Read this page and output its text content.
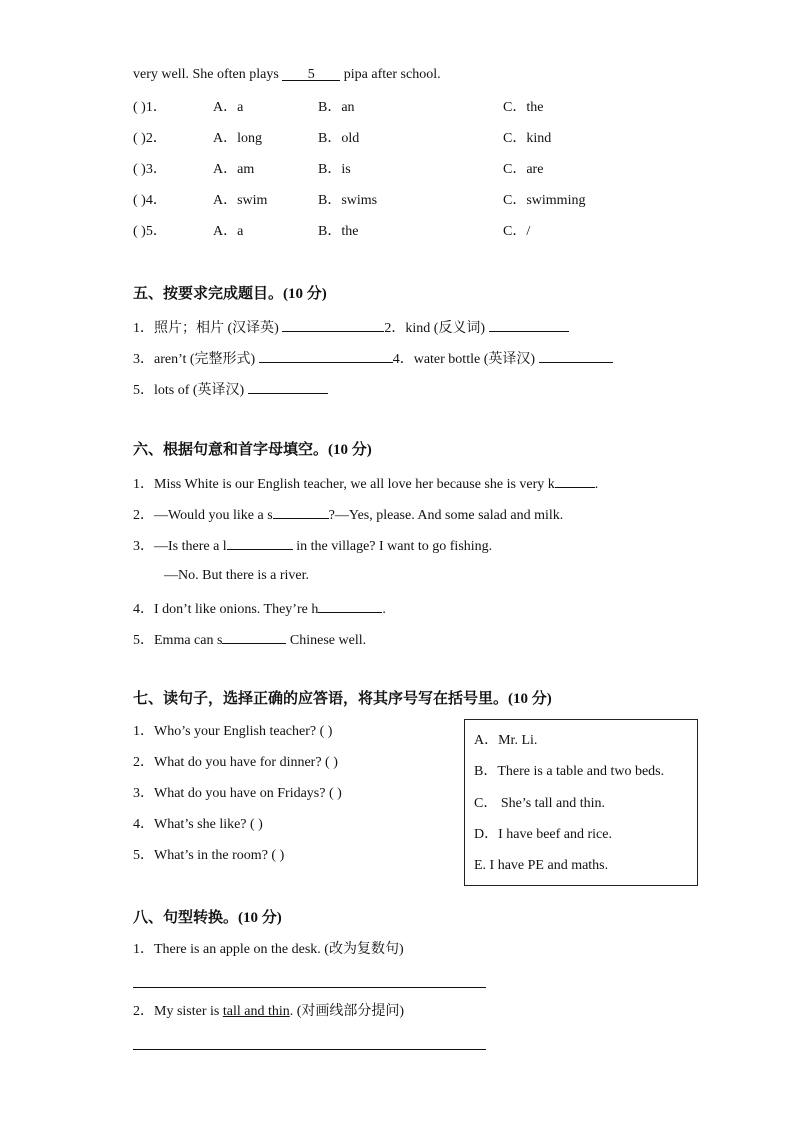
very well. She often plays 5 pipa after school.
( )1．	A．a	B．an	C．the
( )2．	A．long	B．old	C．kind
( )3．	A．am	B．is	C．are
( )4．	A．swim	B．swims	C．swimming
( )5．	A．a	B．the	C．/
五、按要求完成题目。(10 分)
1．照片；相片 (汉译英)	2．kind (反义词)
3．aren’t (完整形式)	4．water bottle (英译汉)
5．lots of (英译汉)
六、根据句意和首字母填空。(10 分)
1．Miss White is our English teacher, we all love her because she is very k	.
2．—Would you like a s	?—Yes, please. And some salad and milk.
3．—Is there a l	in the village? I want to go fishing.
—No. But there is a river.
4．I don’t like onions. They’re h	.
5．Emma can s	Chinese well.
七、读句子，选择正确的应答语，将其序号写在括号里。(10 分)
1．Who’s your English teacher? ( )
2．What do you have for dinner? ( )
3．What do you have on Fridays? ( )
4．What’s she like? ( )
5．What’s in the room? ( )
A．Mr. Li.
B．There is a table and two beds.
C． She’s tall and thin.
D．I have beef and rice.
E. I have PE and maths.
八、句型转换。(10 分)
1．There is an apple on the desk. (改为复数句)
2．My sister is tall and thin. (对画线部分提问)
